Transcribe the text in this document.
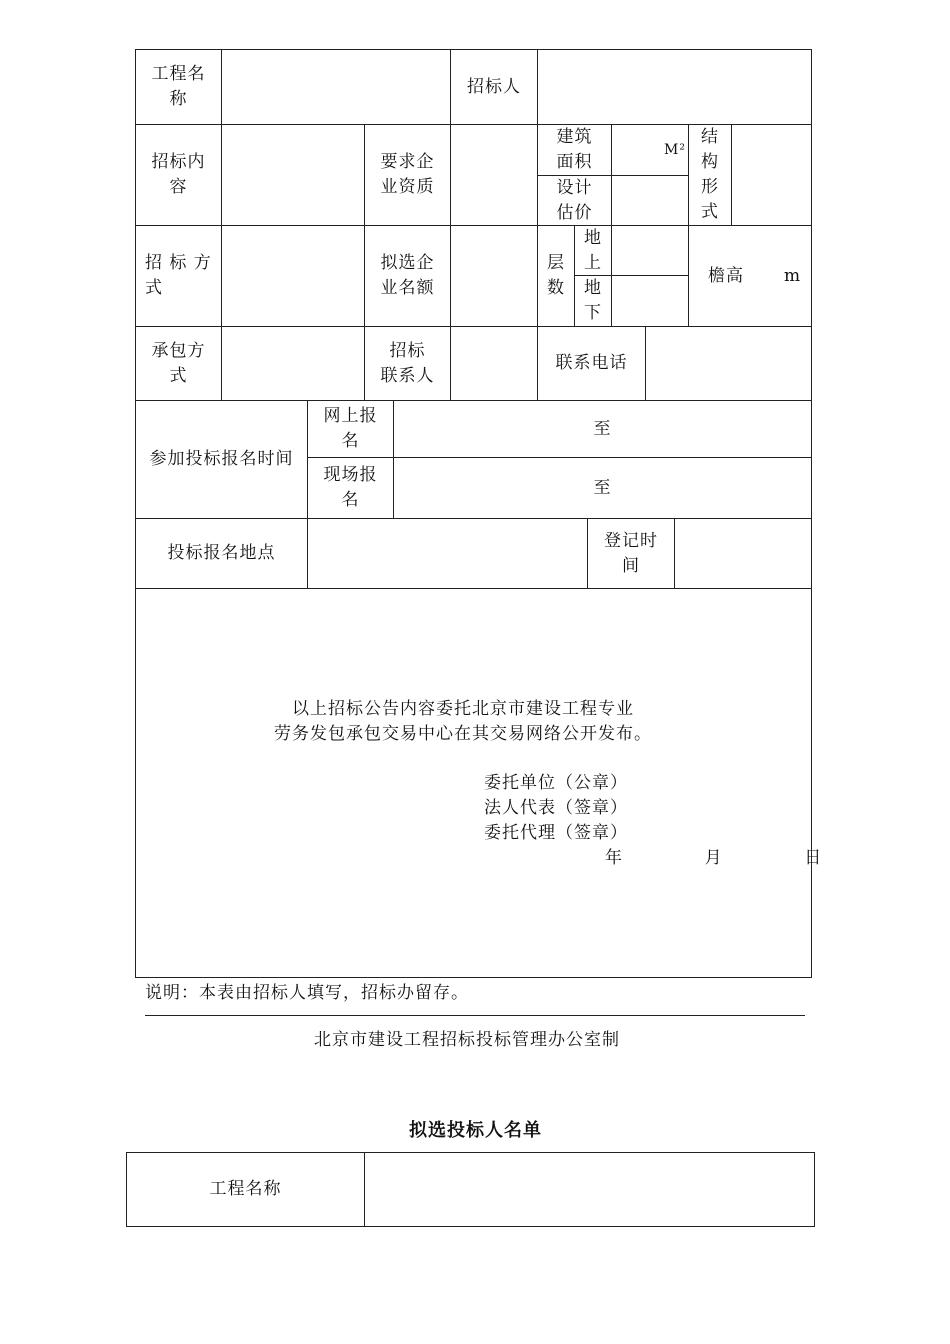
工程名
称
招标人
招标内
容
要求企
业资质
建筑
面积
M²
结
构
形
式
设计
估价
招 标 方
式
拟选企
业名额
层
数
地
上
地
下
檐高 m
承包方
式
招标
联系人
联系电话
参加投标报名时间
网上报
名
至
现场报
名
至
投标报名地点
登记时
间
以上招标公告内容委托北京市建设工程专业
劳务发包承包交易中心在其交易网络公开发布。
委托单位（公章）
法人代表（签章）
委托代理（签章）
年    月    日
说明：本表由招标人填写，招标办留存。
北京市建设工程招标投标管理办公室制
拟选投标人名单
工程名称
